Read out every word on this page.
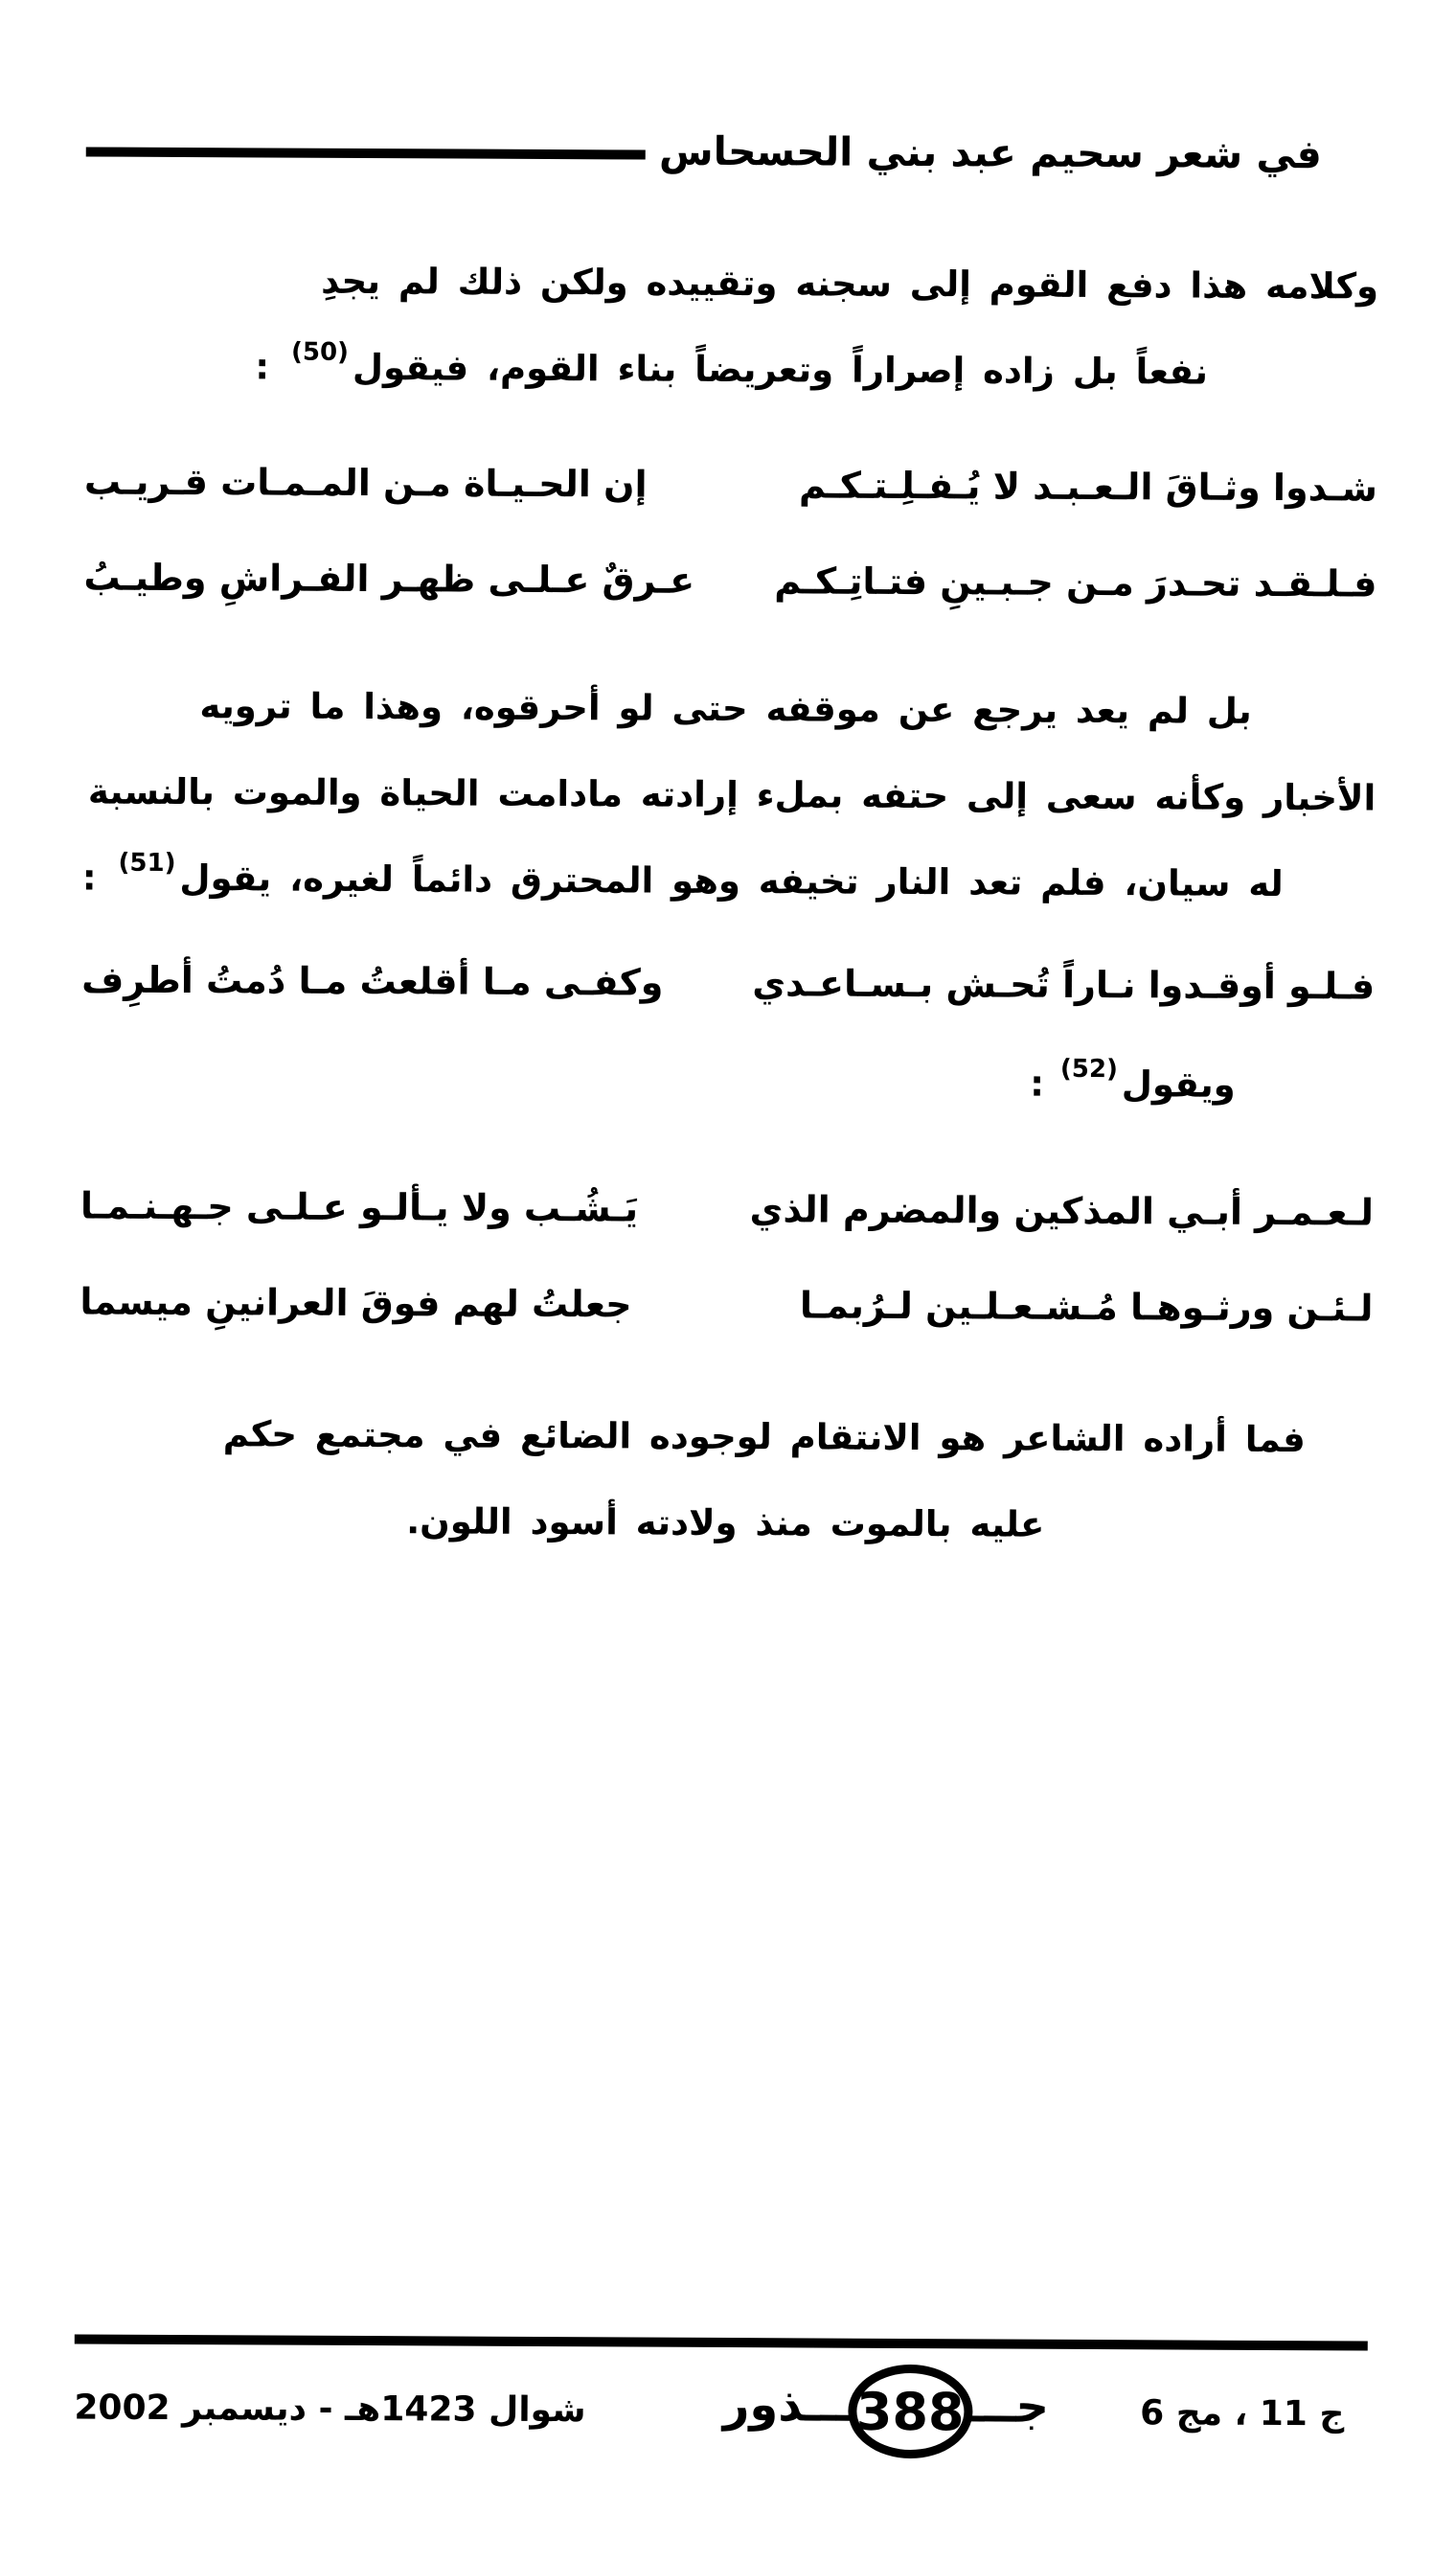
في شعر سحيم عبد بني الحسحاس
وكلامه هذا دفع القوم إلى سجنه وتقييده ولكن ذلك لم يجدِ
نفعاً بل زاده إصراراً وتعريضاً بناء القوم، فيقول$^{(50)}$ :
شـدوا وثـاقَ الـعـبـد لا يُـفـلِـتـكـم
إن الحـيـاة مـن المـمـات قـريـب
فـلـقـد تحـدرَ مـن جـبـينِ فتـاتِـكـم
عـرقٌ عـلـى ظهـر الفـراشِ وطيـبُ
بل لم يعد يرجع عن موقفه حتى لو أحرقوه، وهذا ما ترويه
الأخبار وكأنه سعى إلى حتفه بملء إرادته مادامت الحياة والموت بالنسبة
له سيان، فلم تعد النار تخيفه وهو المحترق دائماً لغيره، يقول$^{(51)}$ :
فـلـو أوقـدوا نـاراً تُحـش بـسـاعـدي
وكفـى مـا أقلعتُ مـا دُمتُ أطرِف
ويقول$^{(52)}$ :
لـعـمـر أبـي المذكين والمضرم الذي
يَـشُـب ولا يـألـو عـلـى جـهـنـمـا
لـئـن ورثـوهـا مُـشـعـلـين لـرُبمـا
جعلتُ لهم فوقَ العرانينِ ميسما
فما أراده الشاعر هو الانتقام لوجوده الضائع في مجتمع حكم
عليه بالموت منذ ولادته أسود اللون.
ج 11 ، مج 6
جـــ
388
ـــذور
شوال 1423هـ - ديسمبر 2002
